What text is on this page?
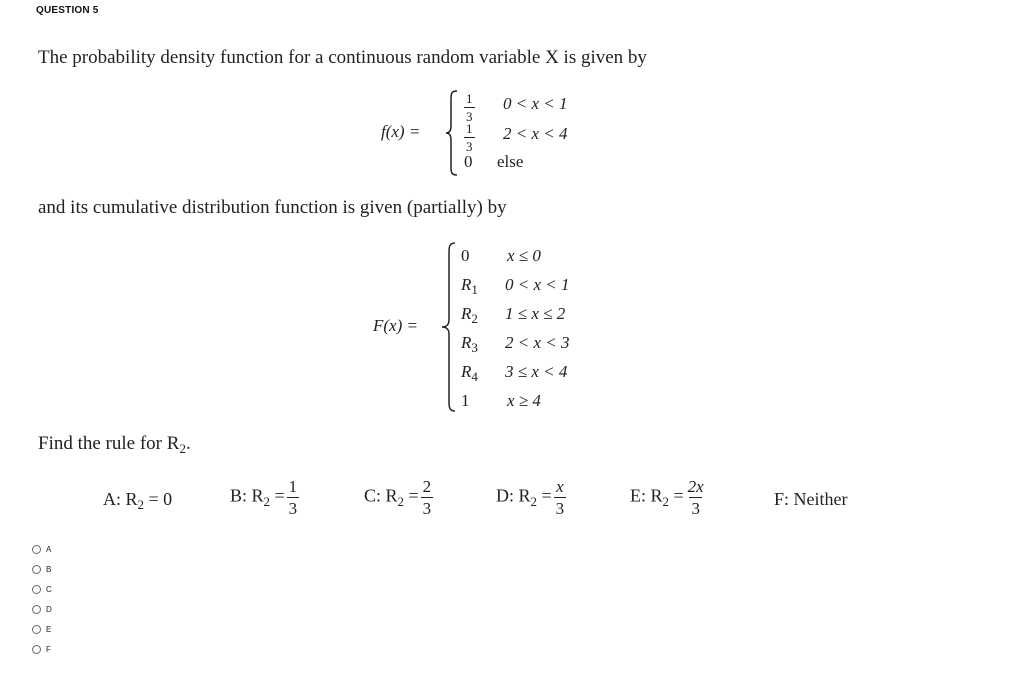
QUESTION 5
The probability density function for a continuous random variable X is given by
f(x) =
$\frac{1}{3} 0 < x < 1$
$\frac{1}{3} 2 < x < 4$
0 else
and its cumulative distribution function is given (partially) by
F(x) =
0 x ≤ 0
$R_1$ 0 < x < 1
$R_2$ 1 ≤ x ≤ 2
$R_3$ 2 < x < 3
$R_4$ 3 ≤ x < 4
1 x ≥ 4
Find the rule for $R_2$.
A: $R_2 = 0$	B: $R_2 = \frac{1}{3}$	C: $R_2 = \frac{2}{3}$	D: $R_2 = \frac{x}{3}$	E: $R_2 = \frac{2x}{3}$	F: Neither
A
B
C
D
E
F
